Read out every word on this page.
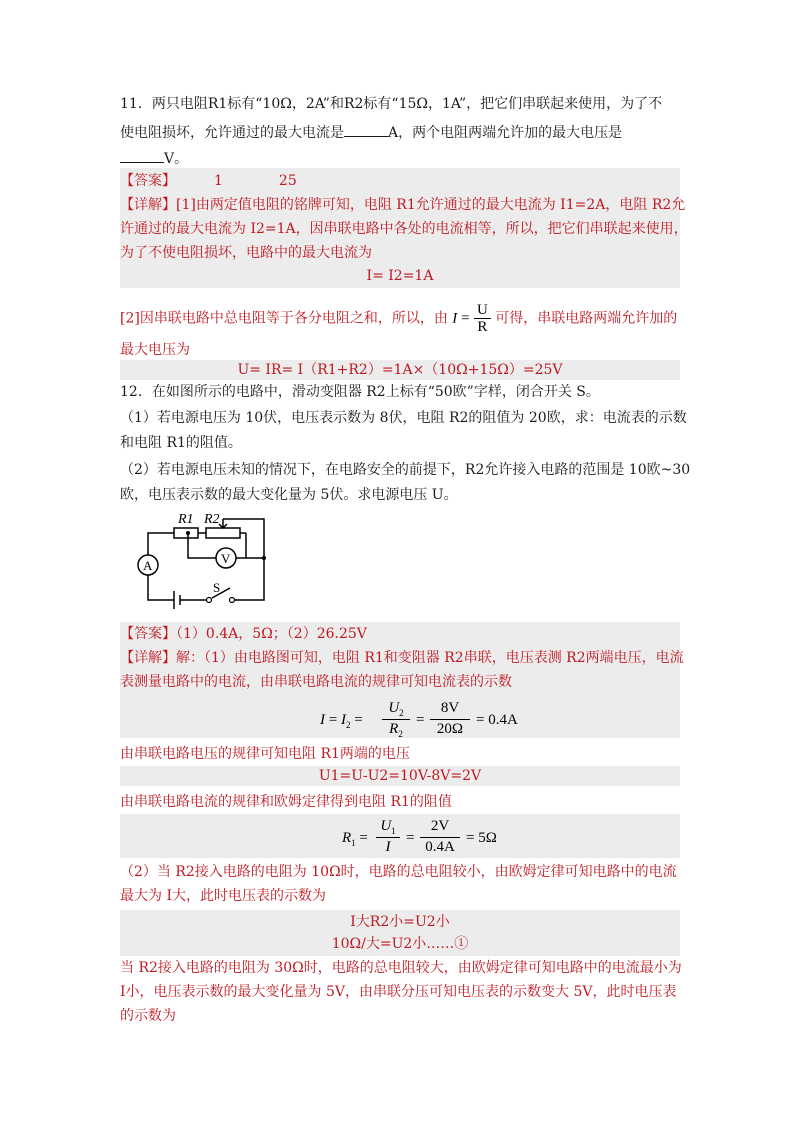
11．两只电阻R1标有“10Ω，2A”和R2标有“15Ω，1A”，把它们串联起来使用，为了不
使电阻损坏，允许通过的最大电流是	A，两个电阻两端允许加的最大电压是
V。
【答案】	1	25
【详解】[1]由两定值电阻的铭牌可知，电阻 R1允许通过的最大电流为 I1=2A，电阻 R2允
许通过的最大电流为 I2=1A，因串联电路中各处的电流相等，所以，把它们串联起来使用，
为了不使电阻损坏，电路中的最大电流为
I= I2=1A
[2]因串联电路中总电阻等于各分电阻之和，所以，由 $I = \frac{U}{R}$ 可得，串联电路两端允许加的
最大电压为
U= IR= I（R1+R2）=1A×（10Ω+15Ω）=25V
12．在如图所示的电路中，滑动变阻器 R2上标有“50欧”字样，闭合开关 S。
（1）若电源电压为 10伏，电压表示数为 8伏，电阻 R2的阻值为 20欧，求：电流表的示数
和电阻 R1的阻值。
（2）若电源电压未知的情况下，在电路安全的前提下，R2允许接入电路的范围是 10欧~30
欧，电压表示数的最大变化量为 5伏。求电源电压 U。
A	V
R1 R2
S
【答案】（1）0.4A，5Ω；（2）26.25V
【详解】解：（1）由电路图可知，电阻 R1和变阻器 R2串联，电压表测 R2两端电压，电流
表测量电路中的电流，由串联电路电流的规律可知电流表的示数
$I = I_2$ =
$U_2$
$R_2$
=
8V
20Ω
= 0.4A
由串联电路电压的规律可知电阻 R1两端的电压
U1=U-U2=10V-8V=2V
由串联电路电流的规律和欧姆定律得到电阻 R1的阻值
$R_1$ =
$U_1$
I
=
2V
0.4A
= 5Ω
（2）当 R2接入电路的电阻为 10Ω时，电路的总电阻较小，由欧姆定律可知电路中的电流
最大为 I大，此时电压表的示数为
I大R2小=U2小
10Ω/大=U2小……①
当 R2接入电路的电阻为 30Ω时，电路的总电阻较大，由欧姆定律可知电路中的电流最小为
I小，电压表示数的最大变化量为 5V，由串联分压可知电压表的示数变大 5V，此时电压表
的示数为
